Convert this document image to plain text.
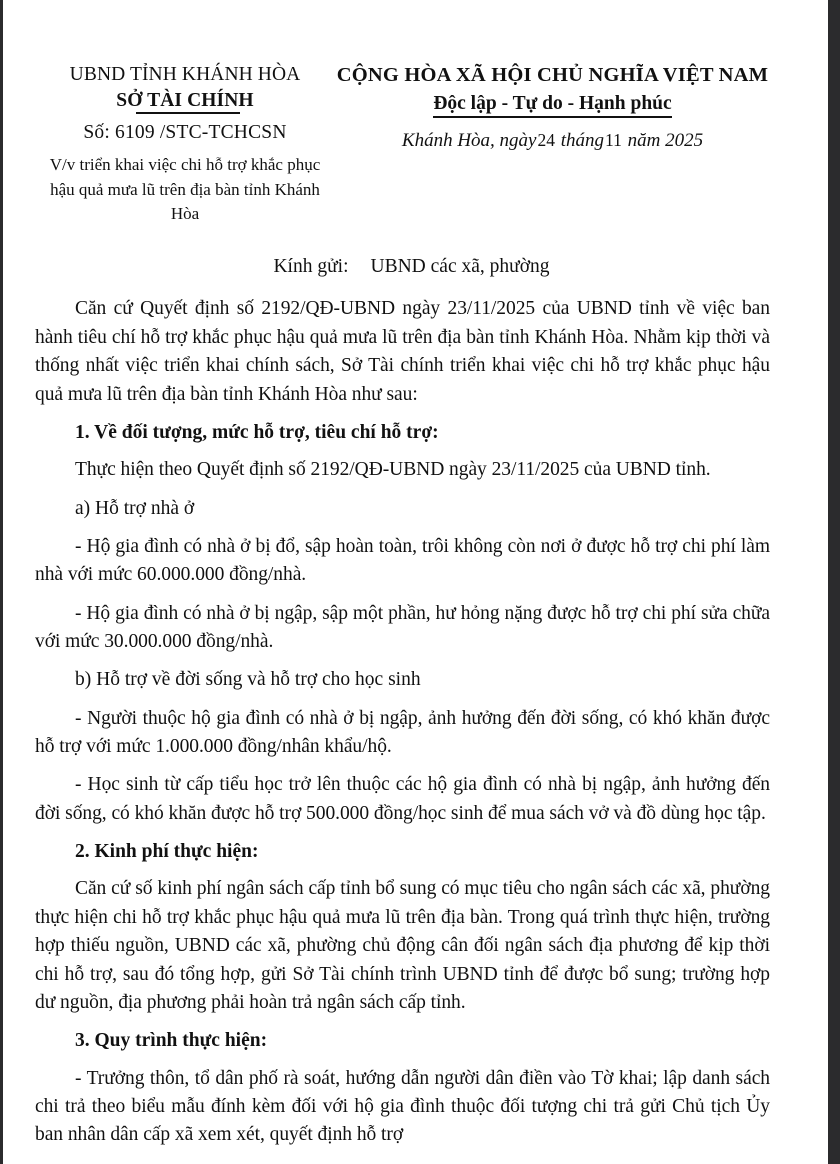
UBND TỈNH KHÁNH HÒA
SỞ TÀI CHÍNH
Số: 6109 /STC-TCHCSN
V/v triển khai việc chi hỗ trợ khắc phục hậu quả mưa lũ trên địa bàn tỉnh Khánh Hòa
CỘNG HÒA XÃ HỘI CHỦ NGHĨA VIỆT NAM
Độc lập - Tự do - Hạnh phúc
Khánh Hòa, ngày24 tháng11 năm 2025
Kính gửi: UBND các xã, phường

Căn cứ Quyết định số 2192/QĐ-UBND ngày 23/11/2025 của UBND tỉnh về việc ban hành tiêu chí hỗ trợ khắc phục hậu quả mưa lũ trên địa bàn tỉnh Khánh Hòa. Nhằm kịp thời và thống nhất việc triển khai chính sách, Sở Tài chính triển khai việc chi hỗ trợ khắc phục hậu quả mưa lũ trên địa bàn tỉnh Khánh Hòa như sau:

1. Về đối tượng, mức hỗ trợ, tiêu chí hỗ trợ:

Thực hiện theo Quyết định số 2192/QĐ-UBND ngày 23/11/2025 của UBND tỉnh.

a) Hỗ trợ nhà ở

- Hộ gia đình có nhà ở bị đổ, sập hoàn toàn, trôi không còn nơi ở được hỗ trợ chi phí làm nhà với mức 60.000.000 đồng/nhà.

- Hộ gia đình có nhà ở bị ngập, sập một phần, hư hỏng nặng được hỗ trợ chi phí sửa chữa với mức 30.000.000 đồng/nhà.

b) Hỗ trợ về đời sống và hỗ trợ cho học sinh

- Người thuộc hộ gia đình có nhà ở bị ngập, ảnh hưởng đến đời sống, có khó khăn được hỗ trợ với mức 1.000.000 đồng/nhân khẩu/hộ.

- Học sinh từ cấp tiểu học trở lên thuộc các hộ gia đình có nhà bị ngập, ảnh hưởng đến đời sống, có khó khăn được hỗ trợ 500.000 đồng/học sinh để mua sách vở và đồ dùng học tập.

2. Kinh phí thực hiện:

Căn cứ số kinh phí ngân sách cấp tỉnh bổ sung có mục tiêu cho ngân sách các xã, phường thực hiện chi hỗ trợ khắc phục hậu quả mưa lũ trên địa bàn. Trong quá trình thực hiện, trường hợp thiếu nguồn, UBND các xã, phường chủ động cân đối ngân sách địa phương để kịp thời chi hỗ trợ, sau đó tổng hợp, gửi Sở Tài chính trình UBND tỉnh để được bổ sung; trường hợp dư nguồn, địa phương phải hoàn trả ngân sách cấp tỉnh.

3. Quy trình thực hiện:

- Trưởng thôn, tổ dân phố rà soát, hướng dẫn người dân điền vào Tờ khai; lập danh sách chi trả theo biểu mẫu đính kèm đối với hộ gia đình thuộc đối tượng chi trả gửi Chủ tịch Ủy ban nhân dân cấp xã xem xét, quyết định hỗ trợ
